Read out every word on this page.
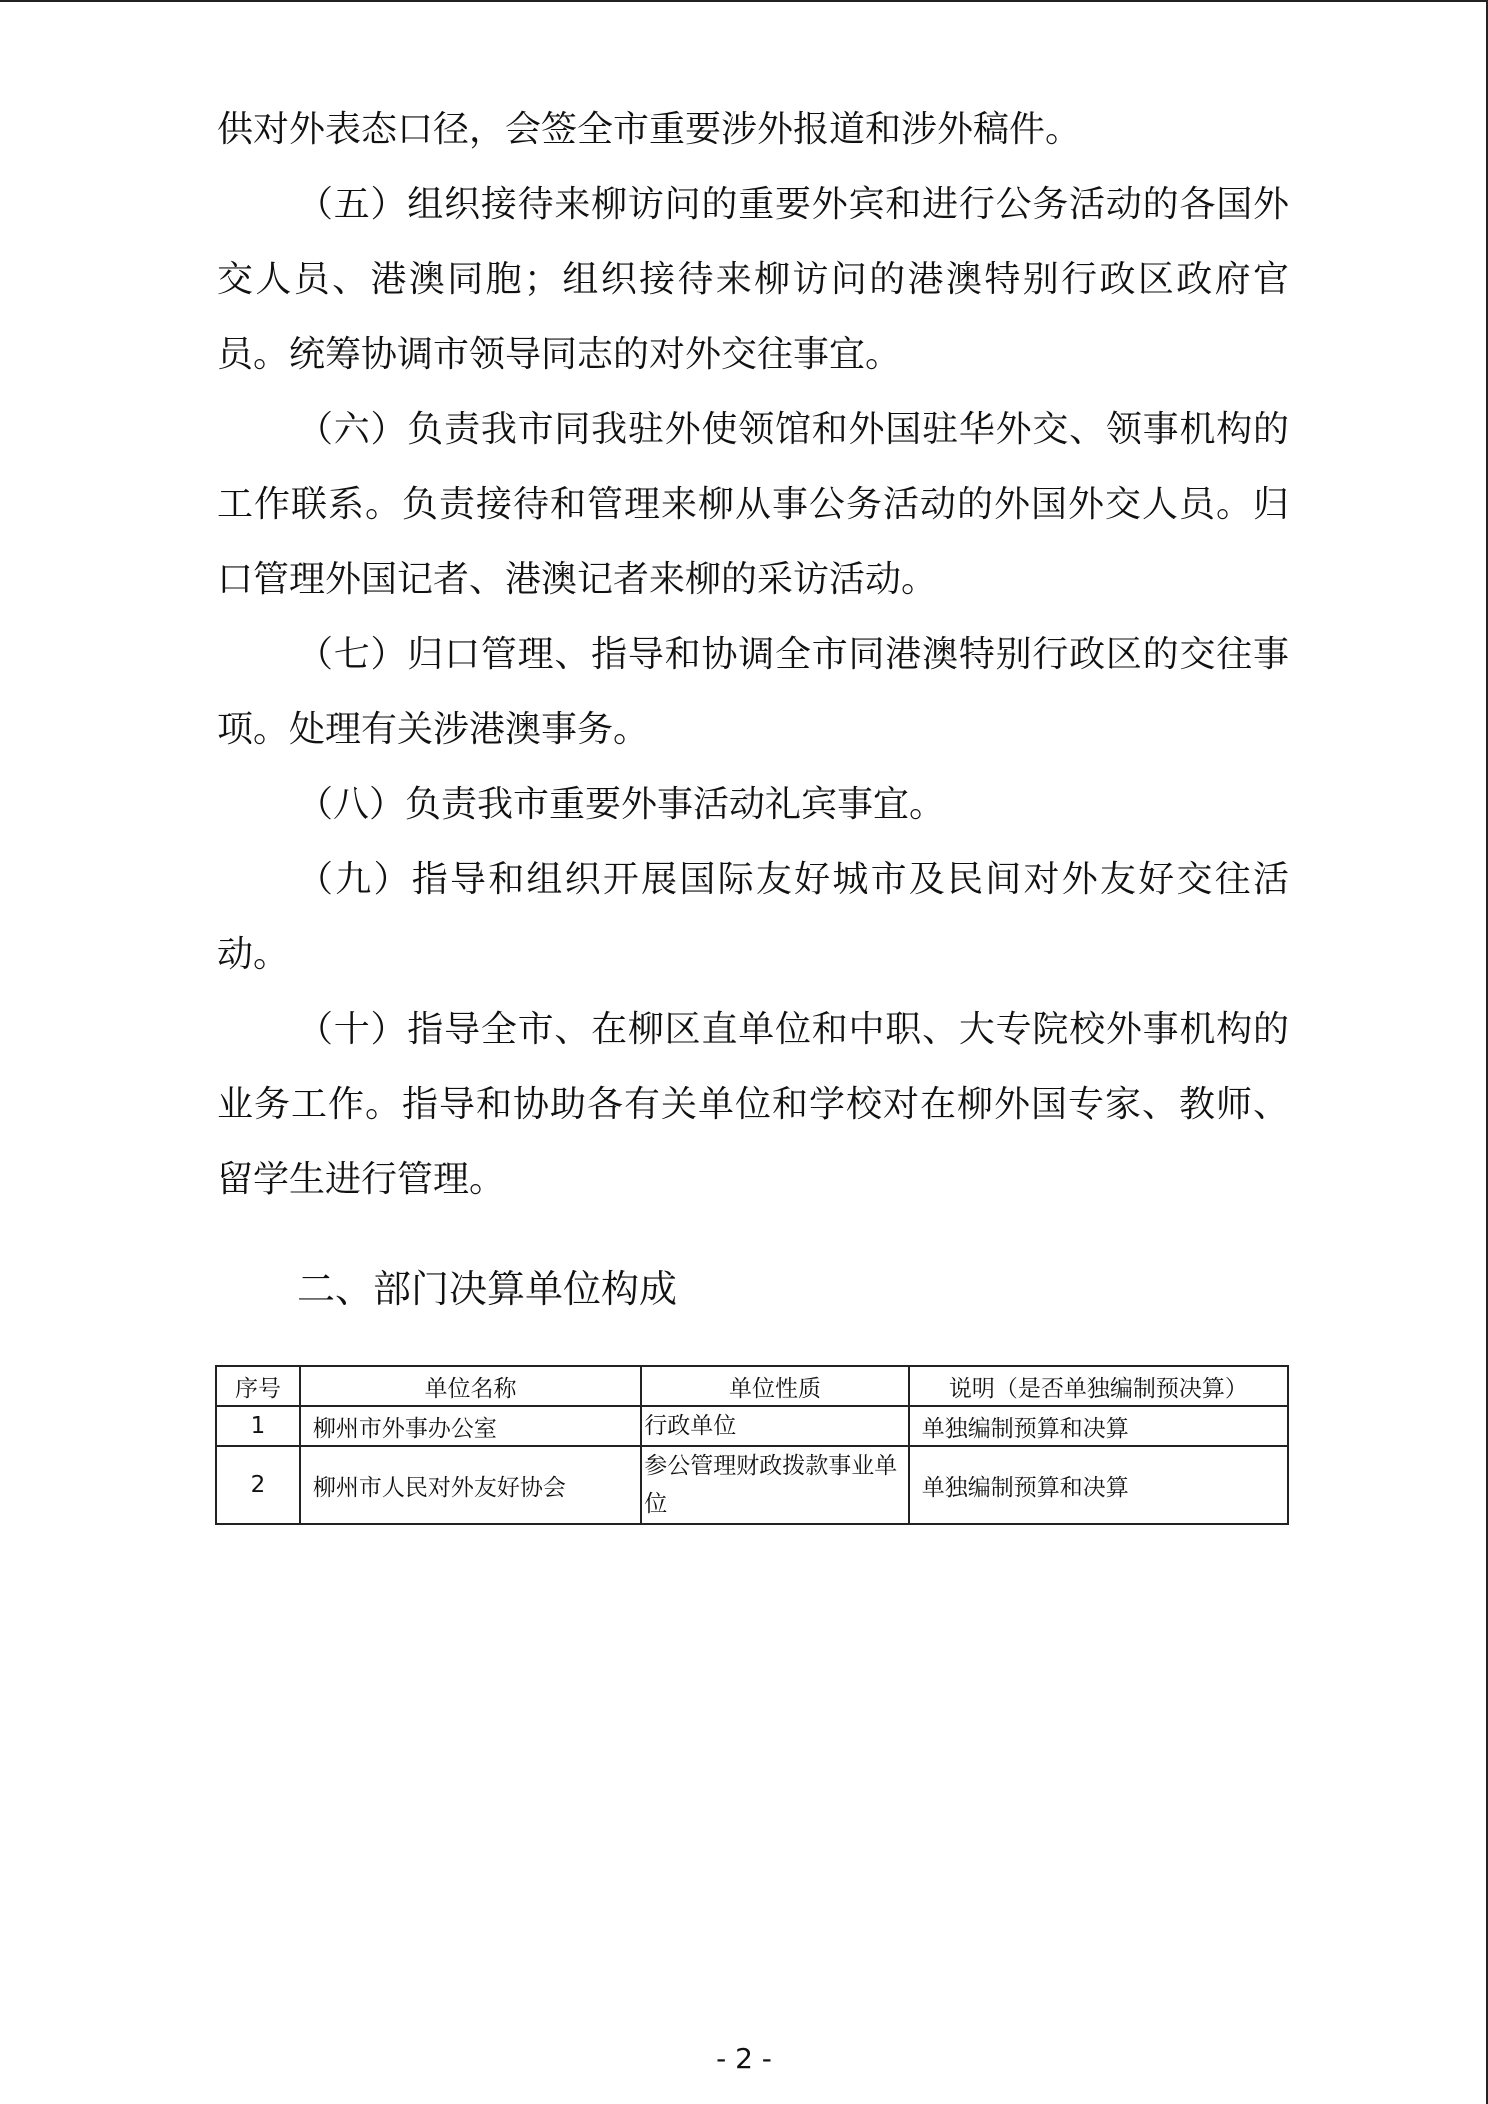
供对外表态口径，会签全市重要涉外报道和涉外稿件。

（五）组织接待来柳访问的重要外宾和进行公务活动的各国外交人员、港澳同胞；组织接待来柳访问的港澳特别行政区政府官员。统筹协调市领导同志的对外交往事宜。

（六）负责我市同我驻外使领馆和外国驻华外交、领事机构的工作联系。负责接待和管理来柳从事公务活动的外国外交人员。归口管理外国记者、港澳记者来柳的采访活动。

（七）归口管理、指导和协调全市同港澳特别行政区的交往事项。处理有关涉港澳事务。

（八）负责我市重要外事活动礼宾事宜。

（九）指导和组织开展国际友好城市及民间对外友好交往活动。

（十）指导全市、在柳区直单位和中职、大专院校外事机构的业务工作。指导和协助各有关单位和学校对在柳外国专家、教师、留学生进行管理。

二、部门决算单位构成
序号	单位名称	单位性质	说明（是否单独编制预决算）
1	柳州市外事办公室	行政单位	单独编制预算和决算
2	柳州市人民对外友好协会	参公管理财政拨款事业单位	单独编制预算和决算
- 2 -
